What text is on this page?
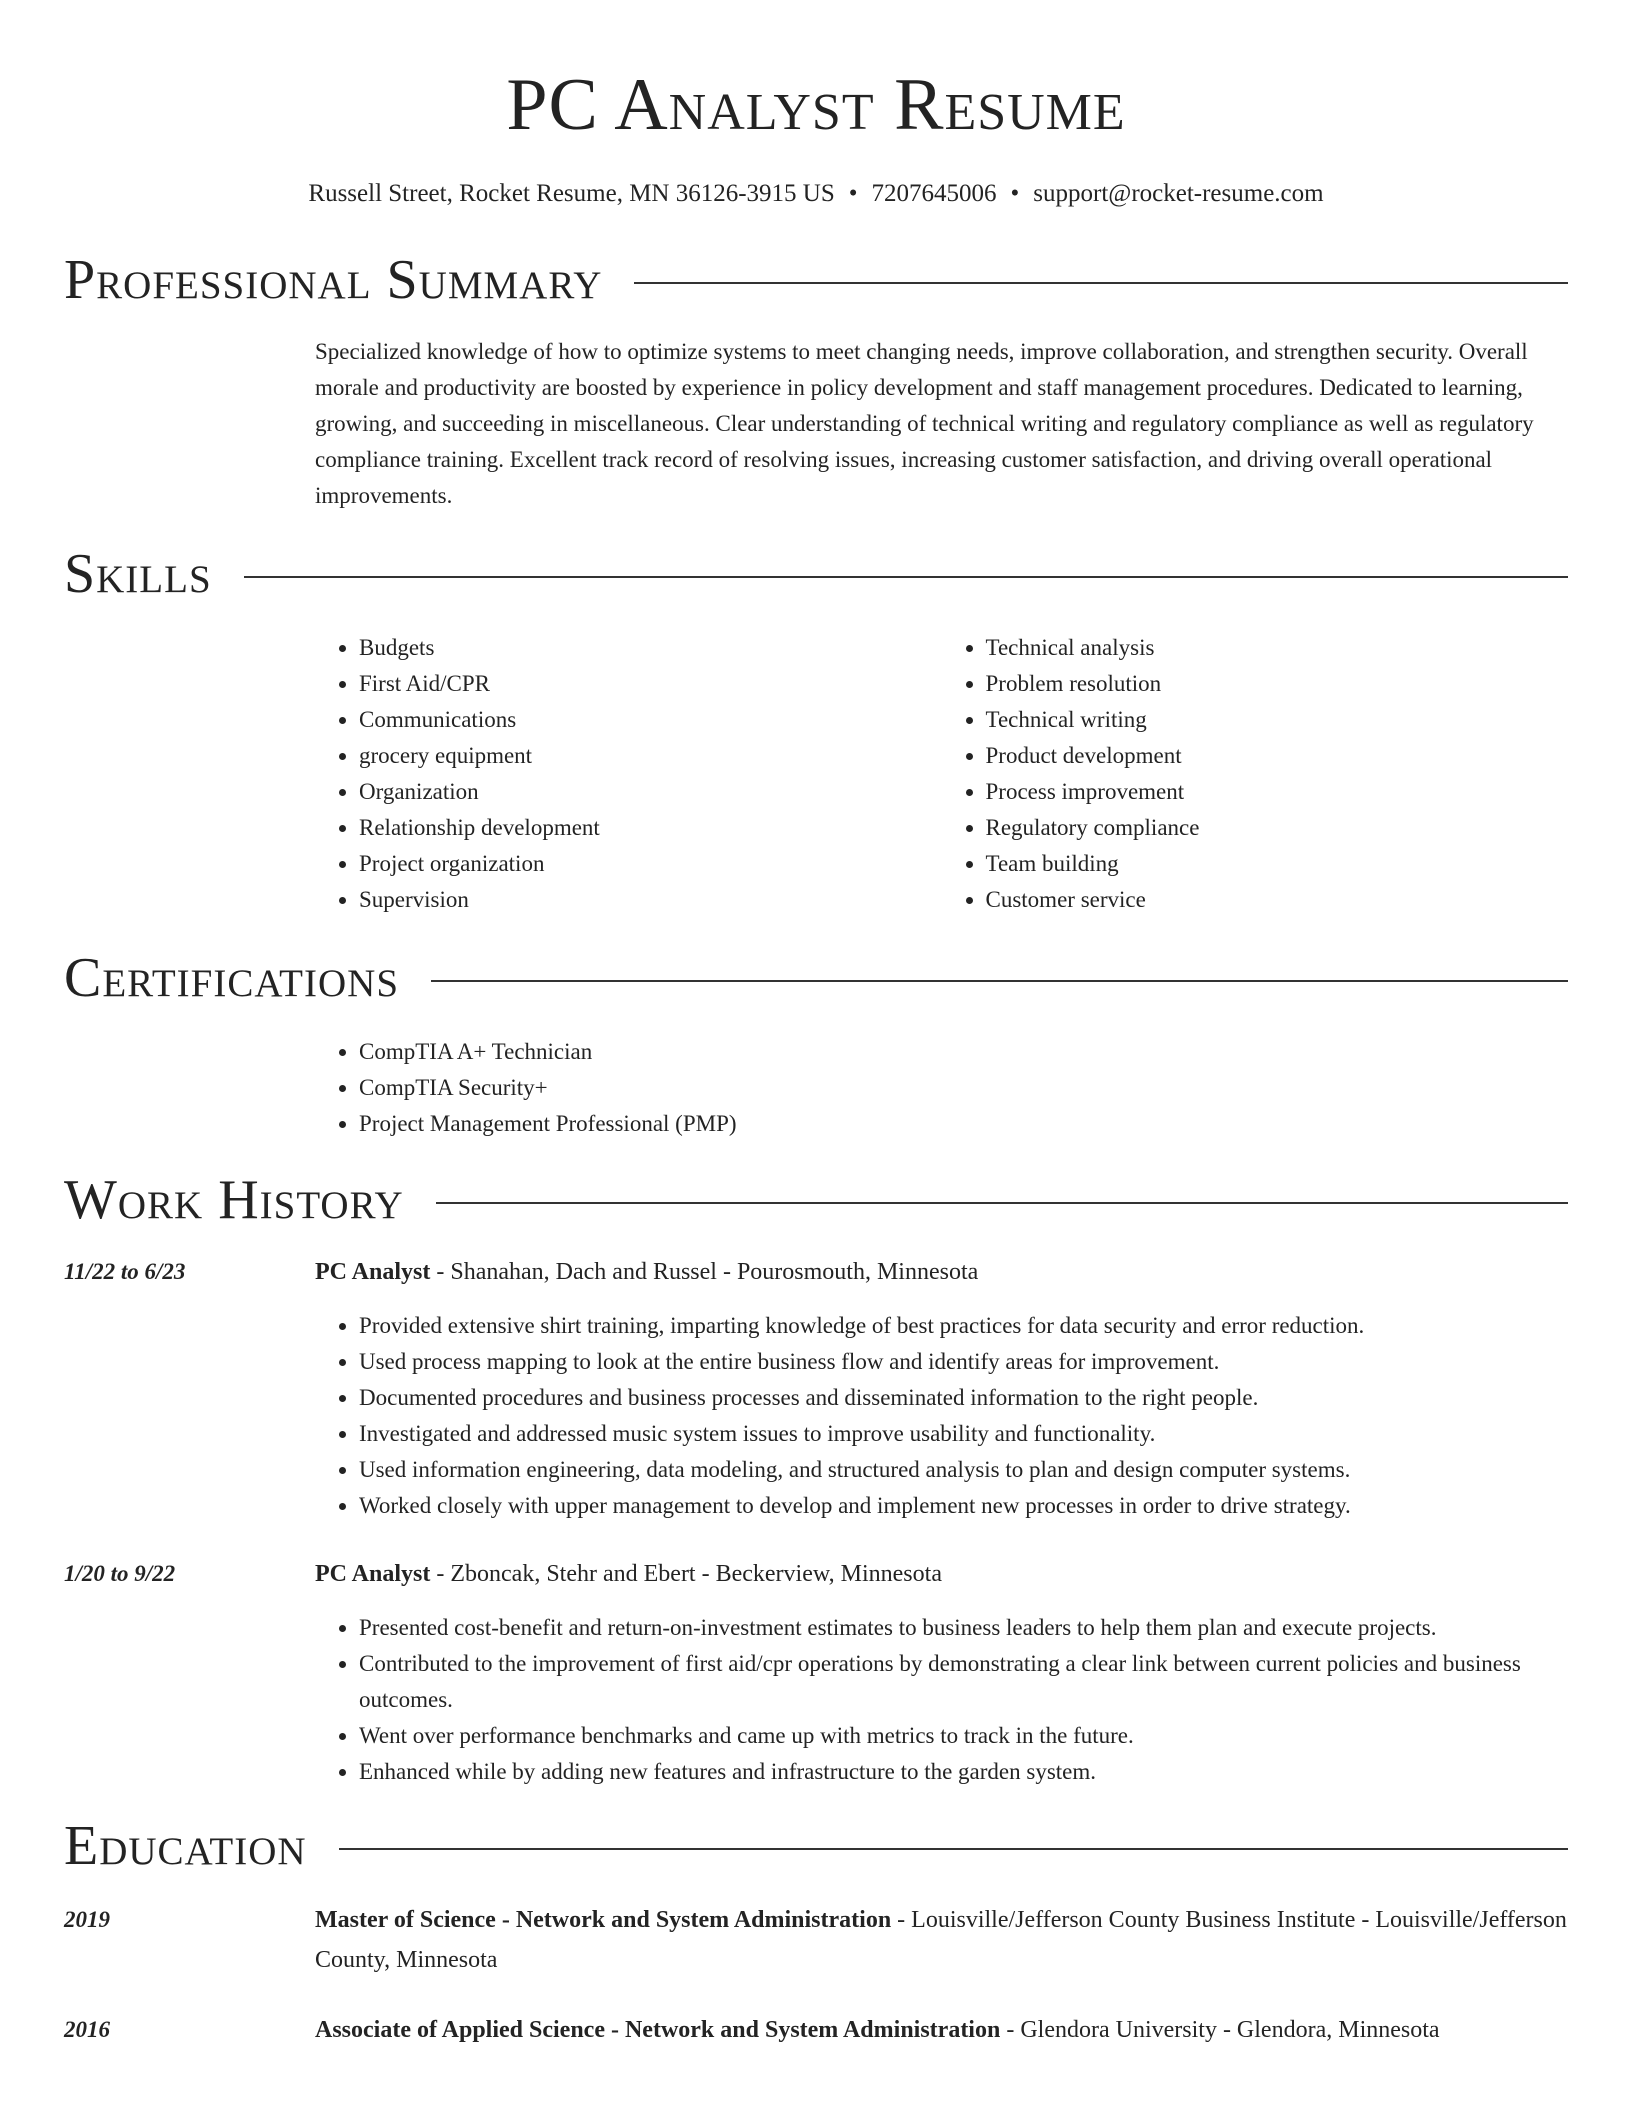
PC Analyst Resume
Russell Street, Rocket Resume, MN 36126-3915 US • 7207645006 • support@rocket-resume.com
Professional Summary
Specialized knowledge of how to optimize systems to meet changing needs, improve collaboration, and strengthen security. Overall morale and productivity are boosted by experience in policy development and staff management procedures. Dedicated to learning, growing, and succeeding in miscellaneous. Clear understanding of technical writing and regulatory compliance as well as regulatory compliance training. Excellent track record of resolving issues, increasing customer satisfaction, and driving overall operational improvements.
Skills
• Budgets
• First Aid/CPR
• Communications
• grocery equipment
• Organization
• Relationship development
• Project organization
• Supervision
• Technical analysis
• Problem resolution
• Technical writing
• Product development
• Process improvement
• Regulatory compliance
• Team building
• Customer service
Certifications
• CompTIA A+ Technician
• CompTIA Security+
• Project Management Professional (PMP)
Work History
11/22 to 6/23	PC Analyst - Shanahan, Dach and Russel - Pourosmouth, Minnesota
• Provided extensive shirt training, imparting knowledge of best practices for data security and error reduction.
• Used process mapping to look at the entire business flow and identify areas for improvement.
• Documented procedures and business processes and disseminated information to the right people.
• Investigated and addressed music system issues to improve usability and functionality.
• Used information engineering, data modeling, and structured analysis to plan and design computer systems.
• Worked closely with upper management to develop and implement new processes in order to drive strategy.
1/20 to 9/22	PC Analyst - Zboncak, Stehr and Ebert - Beckerview, Minnesota
• Presented cost-benefit and return-on-investment estimates to business leaders to help them plan and execute projects.
• Contributed to the improvement of first aid/cpr operations by demonstrating a clear link between current policies and business outcomes.
• Went over performance benchmarks and came up with metrics to track in the future.
• Enhanced while by adding new features and infrastructure to the garden system.
Education
2019	Master of Science - Network and System Administration - Louisville/Jefferson County Business Institute - Louisville/Jefferson County, Minnesota
2016	Associate of Applied Science - Network and System Administration - Glendora University - Glendora, Minnesota
